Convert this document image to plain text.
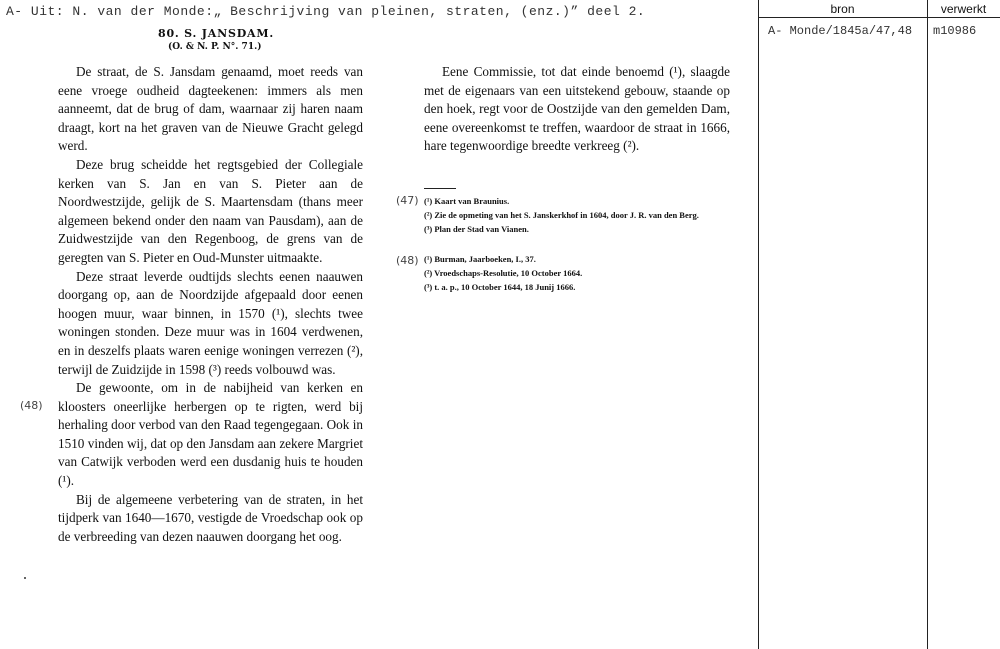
A- Uit: N. van der Monde:„ Beschrijving van pleinen, straten, (enz.)” deel 2.
80. S. JANSDAM.
(O. & N. P. N°. 71.)

De straat, de S. Jansdam genaamd, moet reeds van eene vroege oudheid dagteekenen: immers als men aanneemt, dat de brug of dam, waarnaar zij haren naam draagt, kort na het graven van de Nieuwe Gracht gelegd werd.

Deze brug scheidde het regtsgebied der Collegiale kerken van S. Jan en van S. Pieter aan de Noordwestzijde, gelijk de S. Maartensdam (thans meer algemeen bekend onder den naam van Pausdam), aan de Zuidwestzijde van den Regenboog, de grens van de geregten van S. Pieter en Oud-Munster uitmaakte.

Deze straat leverde oudtijds slechts eenen naauwen doorgang op, aan de Noordzijde afgepaald door eenen hoogen muur, waar binnen, in 1570 (¹), slechts twee woningen stonden. Deze muur was in 1604 verdwenen, en in deszelfs plaats waren eenige woningen verrezen (²), terwijl de Zuidzijde in 1598 (³) reeds volbouwd was.

De gewoonte, om in de nabijheid van kerken en kloosters oneerlijke herbergen op te rigten, werd bij herhaling door verbod van den Raad tegengegaan. Ook in 1510 vinden wij, dat op den Jansdam aan zekere Margriet van Catwijk verboden werd een dusdanig huis te houden (¹).

Bij de algemeene verbetering van de straten, in het tijdperk van 1640—1670, vestigde de Vroedschap ook op de verbreeding van dezen naauwen doorgang het oog.

(48)

Eene Commissie, tot dat einde benoemd (¹), slaagde met de eigenaars van een uitstekend gebouw, staande op den hoek, regt voor de Oostzijde van den gemelden Dam, eene overeenkomst te treffen, waardoor de straat in 1666, hare tegenwoordige breedte verkreeg (²).

(47) (¹) Kaart van Braunius.
(²) Zie de opmeting van het S. Janskerkhof in 1604, door J. R. van den Berg.
(³) Plan der Stad van Vianen.
(48) (¹) Burman, Jaarboeken, I., 37.
(²) Vroedschaps-Resolutie, 10 October 1664.
(³) t. a. p., 10 October 1644, 18 Junij 1666.
bron	verwerkt
A- Monde/1845a/47,48 m10986
